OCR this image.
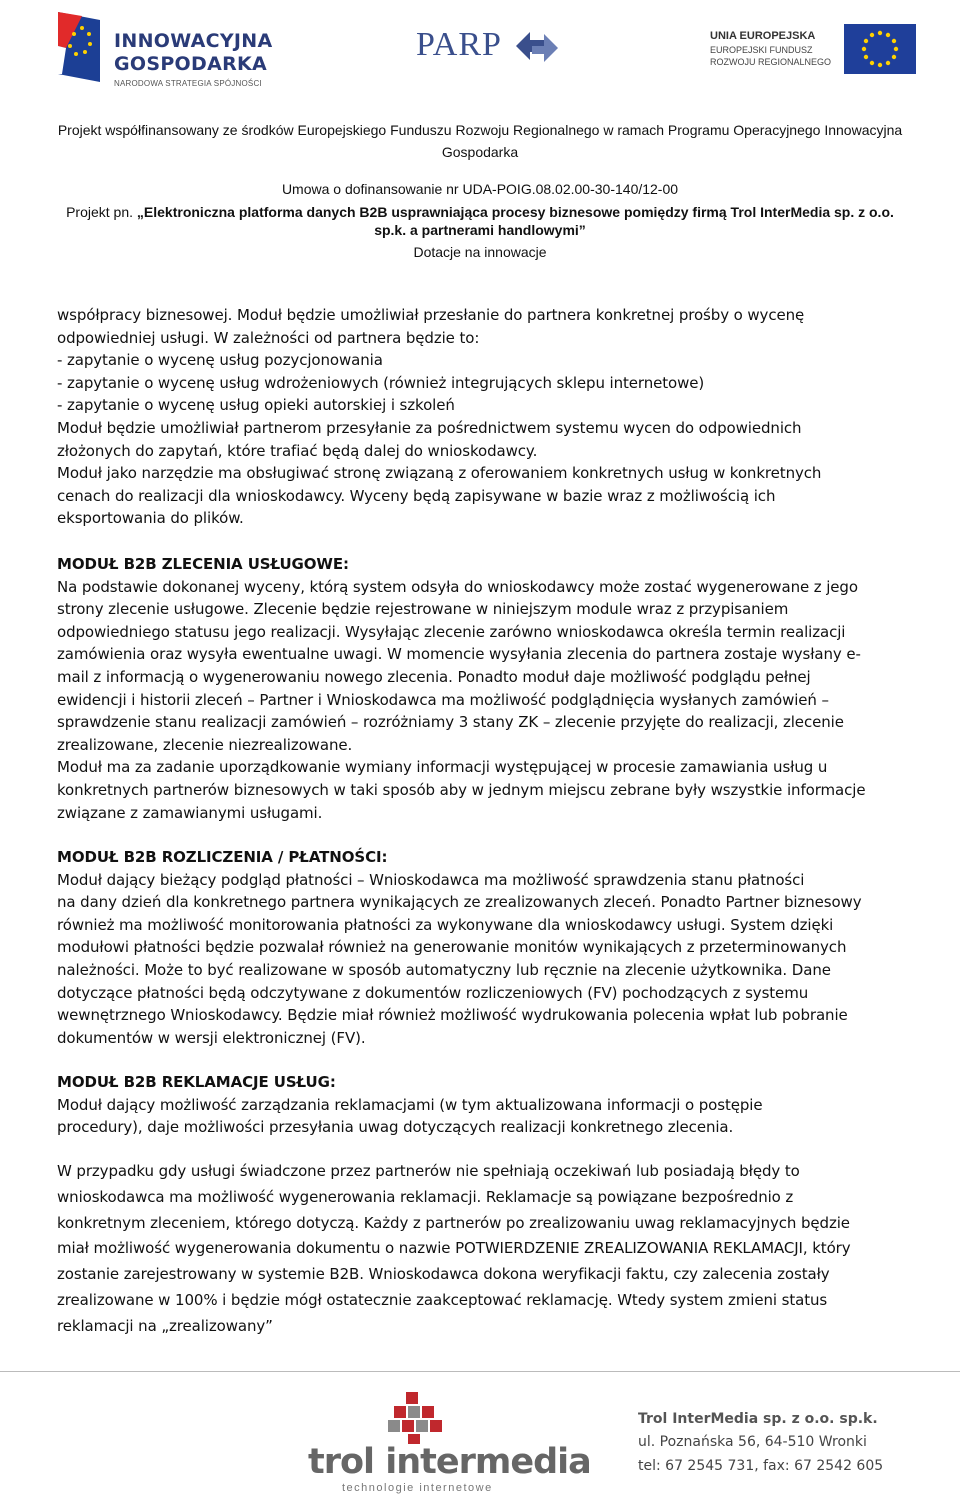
INNOWACYJNA
GOSPODARKA
NARODOWA STRATEGIA SPÓJNOŚCI
PARP	UNIA EUROPEJSKA
EUROPEJSKI FUNDUSZ
ROZWOJU REGIONALNEGO
Projekt współfinansowany ze środków Europejskiego Funduszu Rozwoju Regionalnego w ramach Programu Operacyjnego Innowacyjna
Gospodarka
Umowa o dofinansowanie nr UDA-POIG.08.02.00-30-140/12-00
Projekt pn. „Elektroniczna platforma danych B2B usprawniająca procesy biznesowe pomiędzy firmą Trol InterMedia sp. z o.o.
sp.k. a partnerami handlowymi”
Dotacje na innowacje

współpracy biznesowej. Moduł będzie umożliwiał przesłanie do partnera konkretnej prośby o wycenę

odpowiedniej usługi. W zależności od partnera będzie to:

- zapytanie o wycenę usług pozycjonowania

- zapytanie o wycenę usług wdrożeniowych (również integrujących sklepu internetowe)

- zapytanie o wycenę usług opieki autorskiej i szkoleń

Moduł będzie umożliwiał partnerom przesyłanie za pośrednictwem systemu wycen do odpowiednich

złożonych do zapytań, które trafiać będą dalej do wnioskodawcy.

Moduł jako narzędzie ma obsługiwać stronę związaną z oferowaniem konkretnych usług w konkretnych

cenach do realizacji dla wnioskodawcy. Wyceny będą zapisywane w bazie wraz z możliwością ich

eksportowania do plików.

MODUŁ B2B ZLECENIA USŁUGOWE:

Na podstawie dokonanej wyceny, którą system odsyła do wnioskodawcy może zostać wygenerowane z jego

strony zlecenie usługowe. Zlecenie będzie rejestrowane w niniejszym module wraz z przypisaniem

odpowiedniego statusu jego realizacji. Wysyłając zlecenie zarówno wnioskodawca określa termin realizacji

zamówienia oraz wysyła ewentualne uwagi. W momencie wysyłania zlecenia do partnera zostaje wysłany e-

mail z informacją o wygenerowaniu nowego zlecenia. Ponadto moduł daje możliwość podglądu pełnej

ewidencji i historii zleceń – Partner i Wnioskodawca ma możliwość podglądnięcia wysłanych zamówień –

sprawdzenie stanu realizacji zamówień – rozróżniamy 3 stany ZK – zlecenie przyjęte do realizacji, zlecenie

zrealizowane, zlecenie niezrealizowane.

Moduł ma za zadanie uporządkowanie wymiany informacji występującej w procesie zamawiania usług u

konkretnych partnerów biznesowych w taki sposób aby w jednym miejscu zebrane były wszystkie informacje

związane z zamawianymi usługami.

MODUŁ B2B ROZLICZENIA / PŁATNOŚCI:

Moduł dający bieżący podgląd płatności – Wnioskodawca ma możliwość sprawdzenia stanu płatności

na dany dzień dla konkretnego partnera wynikających ze zrealizowanych zleceń. Ponadto Partner biznesowy

również ma możliwość monitorowania płatności za wykonywane dla wnioskodawcy usługi. System dzięki

modułowi płatności będzie pozwalał również na generowanie monitów wynikających z przeterminowanych

należności. Może to być realizowane w sposób automatyczny lub ręcznie na zlecenie użytkownika. Dane

dotyczące płatności będą odczytywane z dokumentów rozliczeniowych (FV) pochodzących z systemu

wewnętrznego Wnioskodawcy. Będzie miał również możliwość wydrukowania polecenia wpłat lub pobranie

dokumentów w wersji elektronicznej (FV).

MODUŁ B2B REKLAMACJE USŁUG:

Moduł dający możliwość zarządzania reklamacjami (w tym aktualizowana informacji o postępie

procedury), daje możliwości przesyłania uwag dotyczących realizacji konkretnego zlecenia.

W przypadku gdy usługi świadczone przez partnerów nie spełniają oczekiwań lub posiadają błędy to

wnioskodawca ma możliwość wygenerowania reklamacji. Reklamacje są powiązane bezpośrednio z

konkretnym zleceniem, którego dotyczą. Każdy z partnerów po zrealizowaniu uwag reklamacyjnych będzie

miał możliwość wygenerowania dokumentu o nazwie POTWIERDZENIE ZREALIZOWANIA REKLAMACJI, który

zostanie zarejestrowany w systemie B2B. Wnioskodawca dokona weryfikacji faktu, czy zalecenia zostały

zrealizowane w 100% i będzie mógł ostatecznie zaakceptować reklamację. Wtedy system zmieni status

reklamacji na „zrealizowany”

trol intermedia
technologie internetowe
Trol InterMedia sp. z o.o. sp.k.
ul. Poznańska 56, 64-510 Wronki
tel: 67 2545 731, fax: 67 2542 605
